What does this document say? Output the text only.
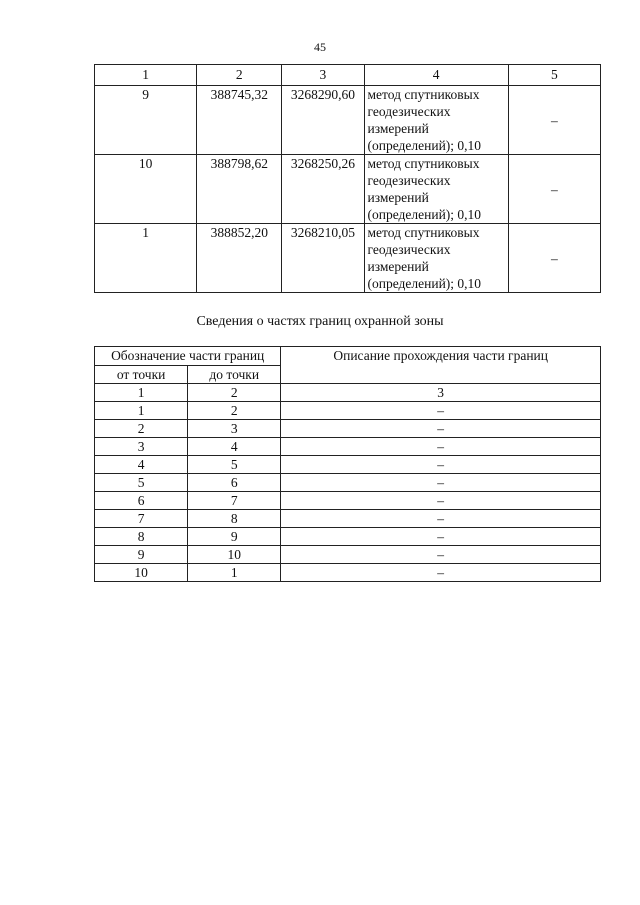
45
1	2	3	4	5
9	388745,32	3268290,60	метод спутниковых
геодезических
измерений
(определений); 0,10	–
10	388798,62	3268250,26	метод спутниковых
геодезических
измерений
(определений); 0,10	–
1	388852,20	3268210,05	метод спутниковых
геодезических
измерений
(определений); 0,10	–
Сведения о частях границ охранной зоны
Обозначение части границ		Описание прохождения части границ
от точки	до точки	
1	2	3
1	2	–
2	3	–
3	4	–
4	5	–
5	6	–
6	7	–
7	8	–
8	9	–
9	10	–
10	1	–
